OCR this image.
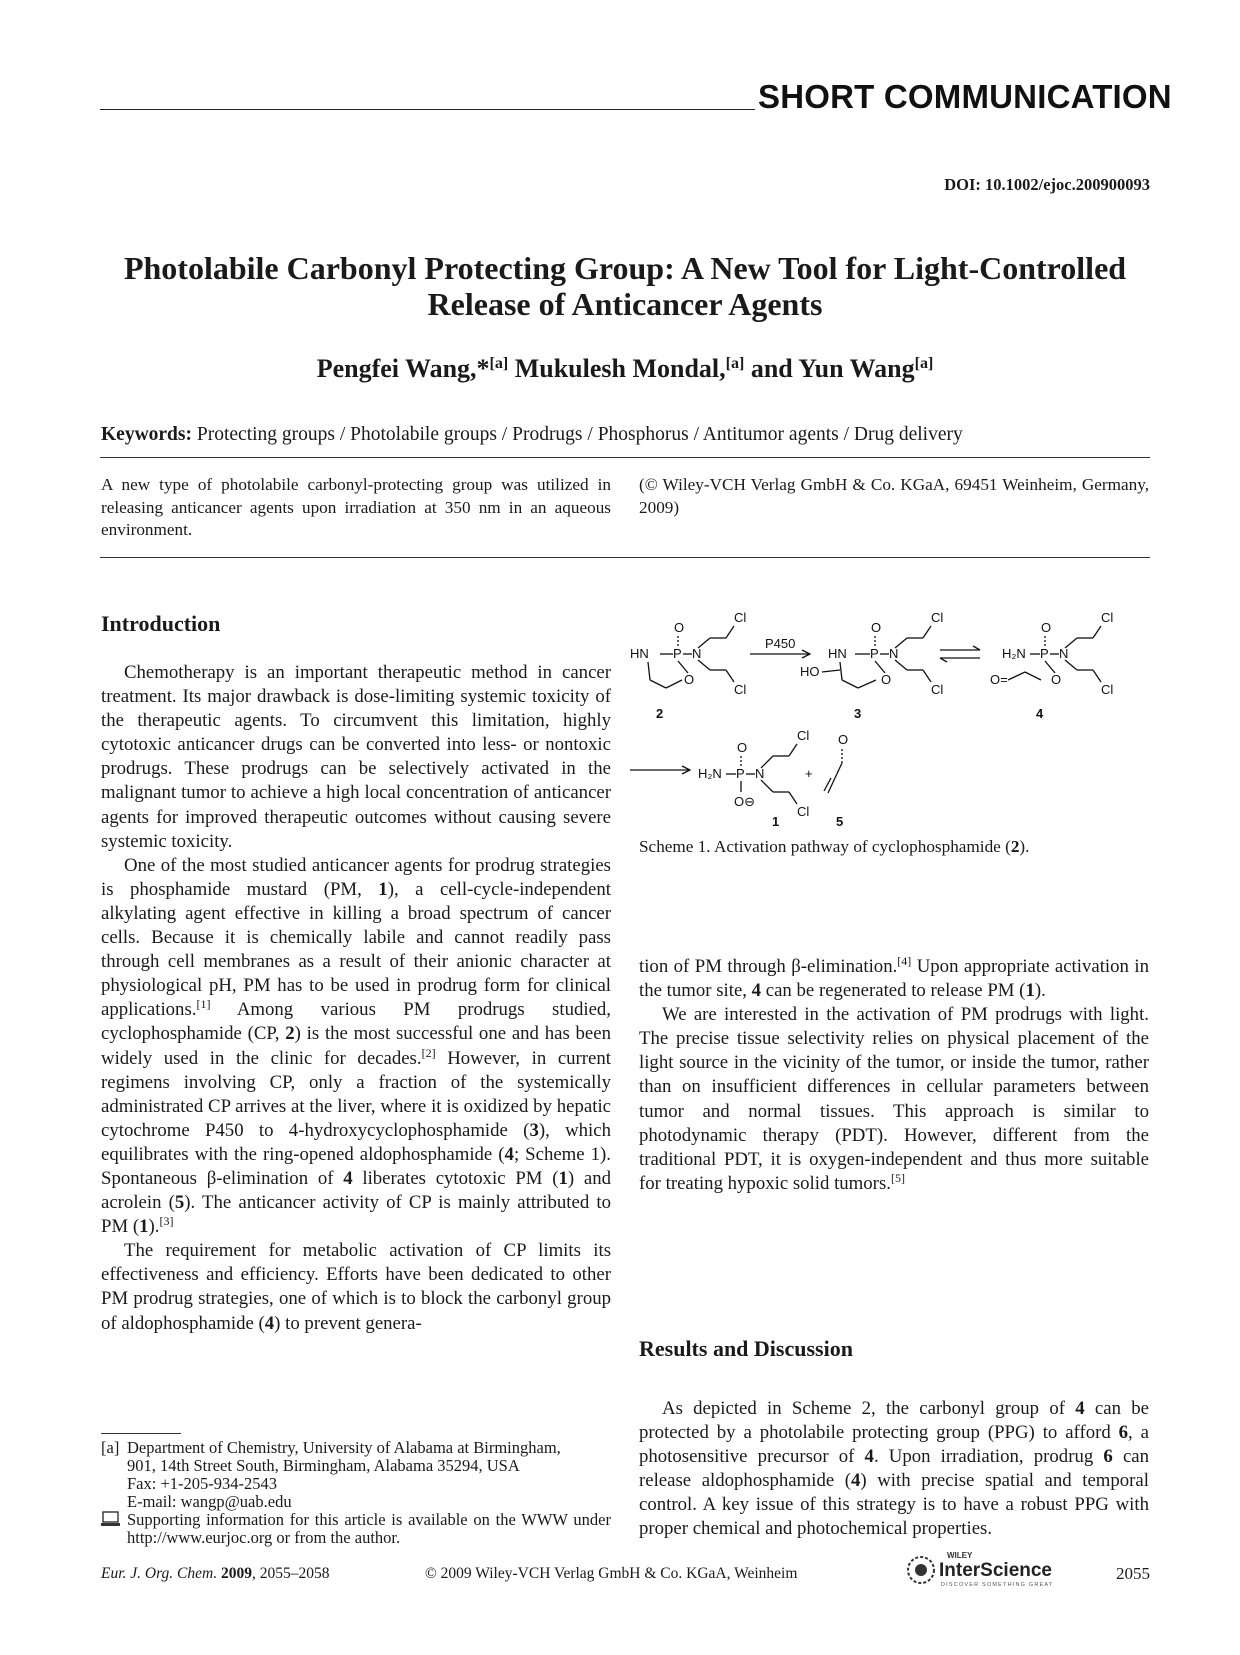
SHORT COMMUNICATION
DOI: 10.1002/ejoc.200900093
Photolabile Carbonyl Protecting Group: A New Tool for Light-Controlled Release of Anticancer Agents
Pengfei Wang,*[a] Mukulesh Mondal,[a] and Yun Wang[a]
Keywords: Protecting groups / Photolabile groups / Prodrugs / Phosphorus / Antitumor agents / Drug delivery
A new type of photolabile carbonyl-protecting group was utilized in releasing anticancer agents upon irradiation at 350 nm in an aqueous environment.
(© Wiley-VCH Verlag GmbH & Co. KGaA, 69451 Weinheim, Germany, 2009)
Introduction

Chemotherapy is an important therapeutic method in cancer treatment. Its major drawback is dose-limiting systemic toxicity of the therapeutic agents. To circumvent this limitation, highly cytotoxic anticancer drugs can be converted into less- or nontoxic prodrugs. These prodrugs can be selectively activated in the malignant tumor to achieve a high local concentration of anticancer agents for improved therapeutic outcomes without causing severe systemic toxicity.

One of the most studied anticancer agents for prodrug strategies is phosphamide mustard (PM, 1), a cell-cycle-independent alkylating agent effective in killing a broad spectrum of cancer cells. Because it is chemically labile and cannot readily pass through cell membranes as a result of their anionic character at physiological pH, PM has to be used in prodrug form for clinical applications.[1] Among various PM prodrugs studied, cyclophosphamide (CP, 2) is the most successful one and has been widely used in the clinic for decades.[2] However, in current regimens involving CP, only a fraction of the systemically administrated CP arrives at the liver, where it is oxidized by hepatic cytochrome P450 to 4-hydroxycyclophosphamide (3), which equilibrates with the ring-opened aldophosphamide (4; Scheme 1). Spontaneous β-elimination of 4 liberates cytotoxic PM (1) and acrolein (5). The anticancer activity of CP is mainly attributed to PM (1).[3]

The requirement for metabolic activation of CP limits its effectiveness and efficiency. Efforts have been dedicated to other PM prodrug strategies, one of which is to block the carbonyl group of aldophosphamide (4) to prevent genera-

O
HN P N
O
Cl
Cl
2
P450
O
HN P N
O
HO
Cl
Cl
3
O
H₂N P N
O
O=
Cl
Cl
4
O
H₂N P N
O⊖
Cl
Cl
1
+
O
5
Scheme 1. Activation pathway of cyclophosphamide (2).

tion of PM through β-elimination.[4] Upon appropriate activation in the tumor site, 4 can be regenerated to release PM (1).

We are interested in the activation of PM prodrugs with light. The precise tissue selectivity relies on physical placement of the light source in the vicinity of the tumor, or inside the tumor, rather than on insufficient differences in cellular parameters between tumor and normal tissues. This approach is similar to photodynamic therapy (PDT). However, different from the traditional PDT, it is oxygen-independent and thus more suitable for treating hypoxic solid tumors.[5]

Results and Discussion

As depicted in Scheme 2, the carbonyl group of 4 can be protected by a photolabile protecting group (PPG) to afford 6, a photosensitive precursor of 4. Upon irradiation, prodrug 6 can release aldophosphamide (4) with precise spatial and temporal control. A key issue of this strategy is to have a robust PPG with proper chemical and photochemical properties.

[a] Department of Chemistry, University of Alabama at Birmingham,
901, 14th Street South, Birmingham, Alabama 35294, USA
Fax: +1-205-934-2543
E-mail: wangp@uab.edu
Supporting information for this article is available on the WWW under http://www.eurjoc.org or from the author.
Eur. J. Org. Chem. 2009, 2055–2058	© 2009 Wiley-VCH Verlag GmbH & Co. KGaA, Weinheim
WILEY
InterScience
DISCOVER SOMETHING GREAT
2055
